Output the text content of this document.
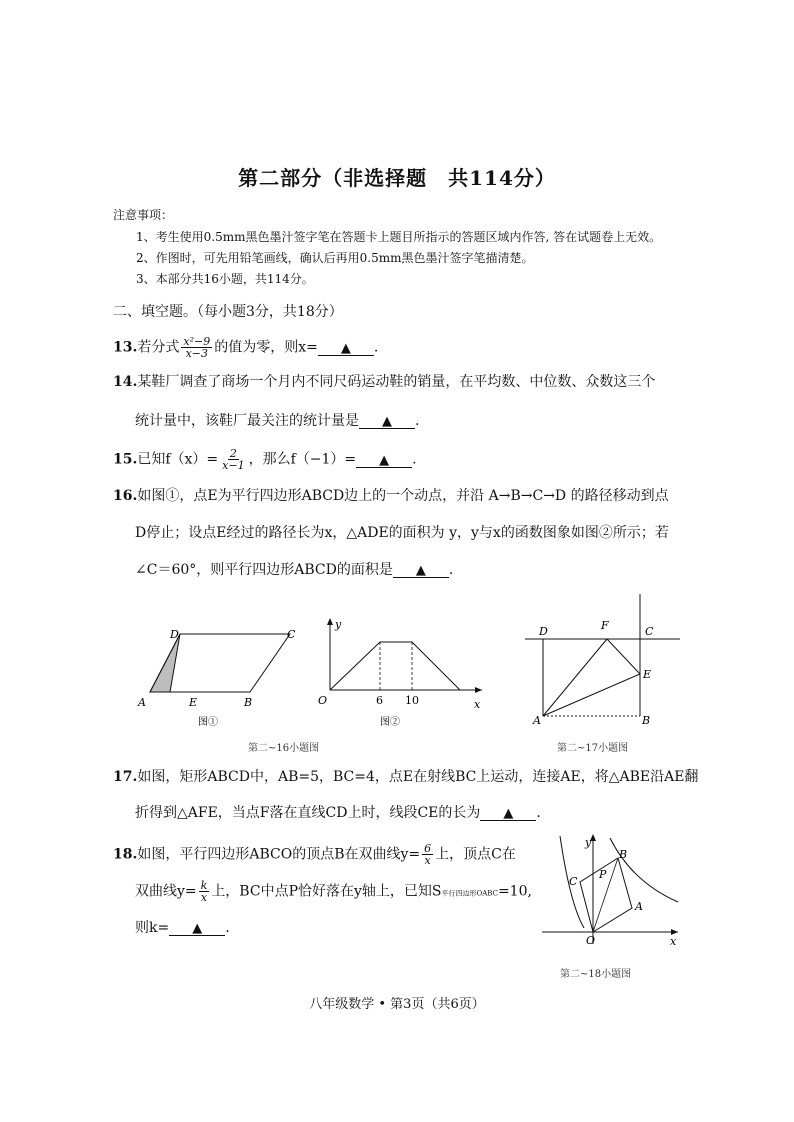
第二部分（非选择题　共114分）
注意事项：
1、考生使用0.5mm黑色墨汁签字笔在答题卡上题目所指示的答题区域内作答, 答在试题卷上无效。
2、作图时，可先用铅笔画线，确认后再用0.5mm黑色墨汁签字笔描清楚。
3、本部分共16小题，共114分。
二、填空题。（每小题3分，共18分）
13.若分式 $\frac{\text{x²−9}}{x-3}$ 的值为零，则x= ▲ .
14.某鞋厂调查了商场一个月内不同尺码运动鞋的销量，在平均数、中位数、众数这三个
统计量中，该鞋厂最关注的统计量是 ▲ .
15.已知$f(x)= \frac{2}{x-1}$ ，那么f（−1）= ▲ .
16.如图①，点E为平行四边形ABCD边上的一个动点，并沿 A→B→C→D 的路径移动到点
D停止；设点E经过的路径长为x，△ADE的面积为 y，y与x的函数图象如图②所示；若
∠C＝60°，则平行四边形ABCD的面积是 ▲ .
D	C
A	E	B
图①
y
O	6 10	x
图②
第二~16小题图
D	F	C
E
A	B
第二~17小题图
17.如图，矩形ABCD中，AB=5，BC=4，点E在射线BC上运动，连接AE，将△ABE沿AE翻
折得到△AFE，当点F落在直线CD上时，线段CE的长为 ▲ .
18.如图，平行四边形ABCO的顶点B在双曲线$y= \frac{6}{x}$ 上，顶点C在
双曲线$y= \frac{k}{x}$ 上，BC中点P恰好落在y轴上，已知S平行四边形OABC=10,
则k= ▲ .
y
B
C
P
A
O	x
第二~18小题图
八年级数学 • 第3页（共6页）
